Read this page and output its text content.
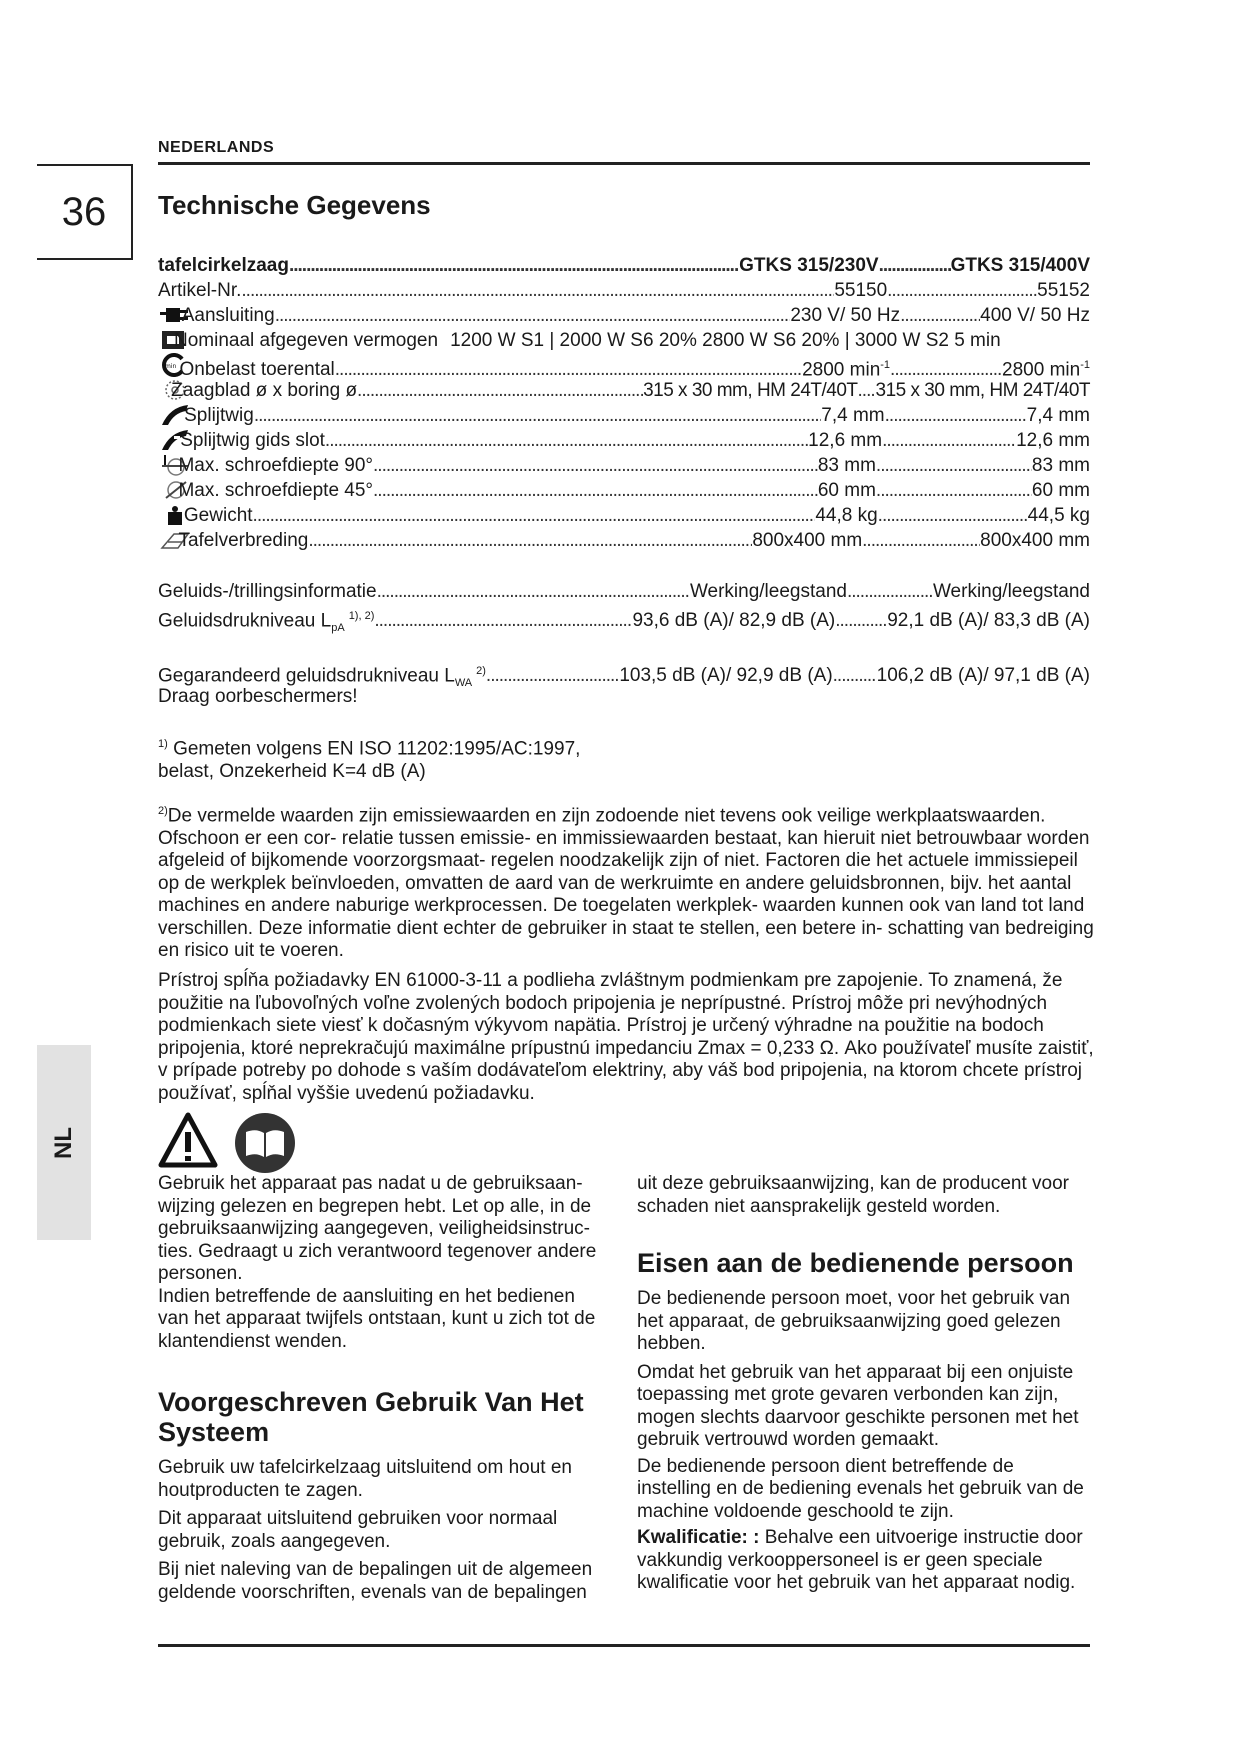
36
NEDERLANDS
Technische Gegevens
NL
min
tafelcirkelzaag .....	GTKS 315/230V .....	GTKS 315/400V
Artikel-Nr. .....	55150 .....	55152
Aansluiting .....	230 V/ 50 Hz .....	400 V/ 50 Hz
Nominaal afgegeven vermogen 1200 W S1 | 2000 W S6 20% 2800 W S6 20% | 3000 W S2 5 min
Onbelast toerental .....	2800 $\min^{-1}$ .....	2800 $\min^{-1}$
Zaagblad ø x boring ø .....	315 x 30 mm, HM 24T/40T ..... 315 x 30 mm, HM 24T/40T
Splijtwig .....	7,4 mm .....	7,4 mm
Splijtwig gids slot .....	12,6 mm .....	12,6 mm
Max. schroefdiepte 90° .....	83 mm .....	83 mm
Max. schroefdiepte 45° .....	60 mm .....	60 mm
Gewicht .....	44,8 kg .....	44,5 kg
Tafelverbreding .....	800x400 mm .....	800x400 mm
Geluids-/trillingsinformatie .....	Werking/leegstand .....	Werking/leegstand
Geluidsdrukniveau $L_{pA}^{1), 2)}$ .....	93,6 dB (A)/ 82,9 dB (A) .....	92,1 dB (A)/ 83,3 dB (A)
Gegarandeerd geluidsdrukniveau $L_{WA}^{2)}$ .....	103,5 dB (A)/ 92,9 dB (A) ..... 106,2 dB (A)/ 97,1 dB (A)
Draag oorbeschermers!

$^{1)}$ Gemeten volgens EN ISO 11202:1995/AC:1997,

belast, Onzekerheid K=4 dB (A)

$^{2)}$De vermelde waarden zijn emissiewaarden en zijn zodoende niet tevens ook veilige werkplaatswaarden. Ofschoon er een cor- relatie tussen emissie- en immissiewaarden bestaat, kan hieruit niet betrouwbaar worden afgeleid of bijkomende voorzorgsmaat- regelen noodzakelijk zijn of niet. Factoren die het actuele immissiepeil op de werkplek beïnvloeden, omvatten de aard van de werkruimte en andere geluidsbronnen, bijv. het aantal machines en andere naburige werkprocessen. De toegelaten werkplek- waarden kunnen ook van land tot land verschillen. Deze informatie dient echter de gebruiker in staat te stellen, een betere in- schatting van bedreiging en risico uit te voeren.

Prístroj spĺňa požiadavky EN 61000-3-11 a podlieha zvláštnym podmienkam pre zapojenie. To znamená, že použitie na ľubovoľných voľne zvolených bodoch pripojenia je neprípustné. Prístroj môže pri nevýhodných podmienkach siete viesť k dočasným výkyvom napätia. Prístroj je určený výhradne na použitie na bodoch pripojenia, ktoré neprekračujú maximálne prípustnú impedanciu Zmax = 0,233 Ω. Ako používateľ musíte zaistiť, v prípade potreby po dohode s vaším dodávateľom elektriny, aby váš bod pripojenia, na ktorom chcete prístroj používať, spĺňal vyššie uvedenú požiadavku.

Gebruik het apparaat pas nadat u de gebruiksaan- wijzing gelezen en begrepen hebt. Let op alle, in de gebruiksaanwijzing aangegeven, veiligheidsinstruc- ties. Gedraagt u zich verantwoord tegenover andere personen.

Indien betreffende de aansluiting en het bedienen van het apparaat twijfels ontstaan, kunt u zich tot de klantendienst wenden.

Voorgeschreven Gebruik Van Het Systeem

Gebruik uw tafelcirkelzaag uitsluitend om hout en houtproducten te zagen.

Dit apparaat uitsluitend gebruiken voor normaal gebruik, zoals aangegeven.

Bij niet naleving van de bepalingen uit de algemeen geldende voorschriften, evenals van de bepalingen

uit deze gebruiksaanwijzing, kan de producent voor schaden niet aansprakelijk gesteld worden.

Eisen aan de bedienende persoon

De bedienende persoon moet, voor het gebruik van het apparaat, de gebruiksaanwijzing goed gelezen hebben.

Omdat het gebruik van het apparaat bij een onjuiste toepassing met grote gevaren verbonden kan zijn, mogen slechts daarvoor geschikte personen met het gebruik vertrouwd worden gemaakt.

De bedienende persoon dient betreffende de instelling en de bediening evenals het gebruik van de machine voldoende geschoold te zijn.

Kwalificatie: : Behalve een uitvoerige instructie door vakkundig verkooppersoneel is er geen speciale kwalificatie voor het gebruik van het apparaat nodig.
